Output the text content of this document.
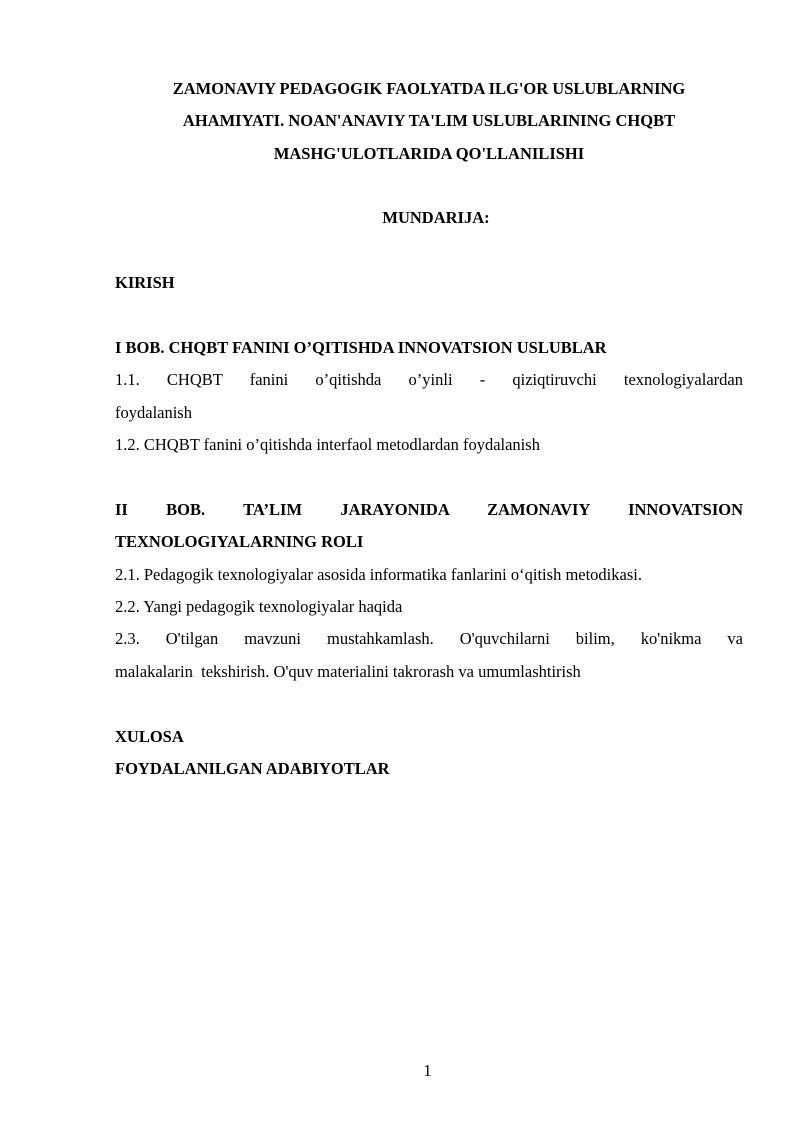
ZAMONAVIY PEDAGOGIK FAOLYATDA ILG'OR USLUBLARNING

AHAMIYATI. NOAN'ANAVIY TA'LIM USLUBLARINING CHQBT

MASHG'ULOTLARIDA QO'LLANILISHI

MUNDARIJA:

KIRISH

I BOB. CHQBT FANINI O’QITISHDA INNOVATSION USLUBLAR

1.1. CHQBT fanini o’qitishda o’yinli - qiziqtiruvchi texnologiyalardan

foydalanish

1.2. CHQBT fanini o’qitishda interfaol metodlardan foydalanish

II BOB. TA’LIM JARAYONIDA ZAMONAVIY INNOVATSION

TEXNOLOGIYALARNING ROLI

2.1. Pedagogik texnologiyalar asosida informatika fanlarini o‘qitish metodikasi.

2.2. Yangi pedagogik texnologiyalar haqida

2.3. O'tilgan mavzuni mustahkamlash. O'quvchilarni bilim, ko'nikma va

malakalarin  tekshirish. O'quv materialini takrorash va umumlashtirish

XULOSA

FOYDALANILGAN ADABIYOTLAR

1
